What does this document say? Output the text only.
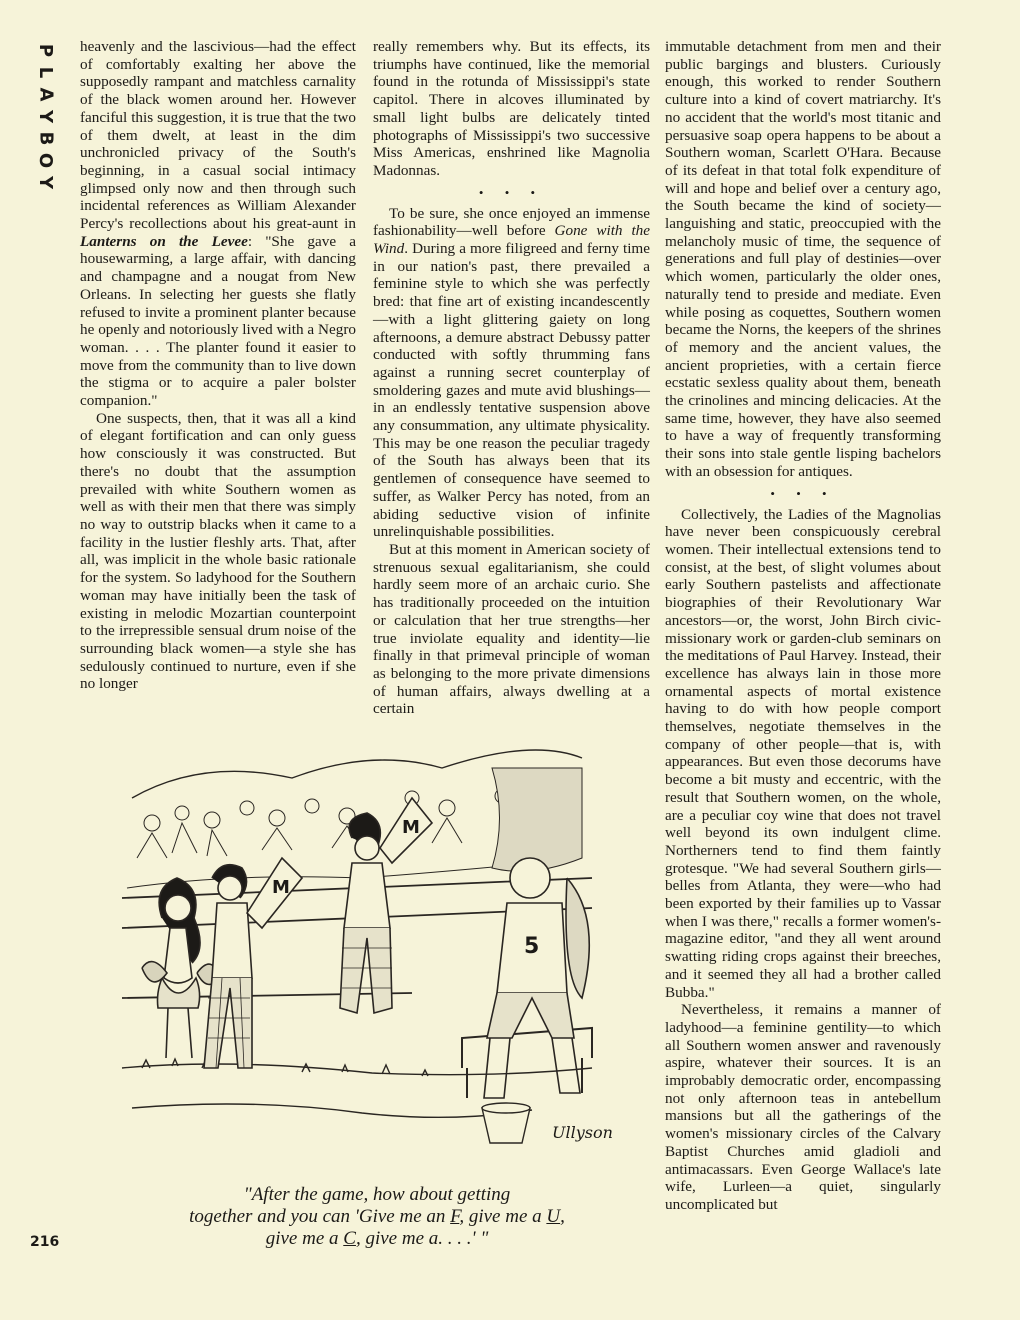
P
L
A
Y
B
O
Y

heavenly and the lascivious—had the effect of comfortably exalting her above the supposedly rampant and matchless carnality of the black women around her. However fanciful this suggestion, it is true that the two of them dwelt, at least in the dim unchronicled privacy of the South's beginning, in a casual social intimacy glimpsed only now and then through such incidental references as William Alexander Percy's recollections about his great-aunt in Lanterns on the Levee: "She gave a housewarming, a large affair, with dancing and champagne and a nougat from New Orleans. In selecting her guests she flatly refused to invite a prominent planter because he openly and notoriously lived with a Negro woman. . . . The planter found it easier to move from the community than to live down the stigma or to acquire a paler bolster companion."

One suspects, then, that it was all a kind of elegant fortification and can only guess how consciously it was constructed. But there's no doubt that the assumption prevailed with white Southern women as well as with their men that there was simply no way to outstrip blacks when it came to a facility in the lustier fleshly arts. That, after all, was implicit in the whole basic rationale for the system. So ladyhood for the Southern woman may have initially been the task of existing in melodic Mozartian counterpoint to the irrepressible sensual drum noise of the surrounding black women—a style she has sedulously continued to nurture, even if she no longer

really remembers why. But its effects, its triumphs have continued, like the memorial found in the rotunda of Mississippi's state capitol. There in alcoves illuminated by small light bulbs are delicately tinted photographs of Mississippi's two successive Miss Americas, enshrined like Magnolia Madonnas.

• • •

To be sure, she once enjoyed an immense fashionability—well before Gone with the Wind. During a more filigreed and ferny time in our nation's past, there prevailed a feminine style to which she was perfectly bred: that fine art of existing incandescently—with a light glittering gaiety on long afternoons, a demure abstract Debussy patter conducted with softly thrumming fans against a running secret counterplay of smoldering gazes and mute avid blushings—in an endlessly tentative suspension above any consummation, any ultimate physicality. This may be one reason the peculiar tragedy of the South has always been that its gentlemen of consequence have seemed to suffer, as Walker Percy has noted, from an abiding seductive vision of infinite unrelinquishable possibilities.

But at this moment in American society of strenuous sexual egalitarianism, she could hardly seem more of an archaic curio. She has traditionally proceeded on the intuition or calculation that her true strengths—her true inviolate equality and identity—lie finally in that primeval principle of woman as belonging to the more private dimensions of human affairs, always dwelling at a certain

immutable detachment from men and their public bargings and blusters. Curiously enough, this worked to render Southern culture into a kind of covert matriarchy. It's no accident that the world's most titanic and persuasive soap opera happens to be about a Southern woman, Scarlett O'Hara. Because of its defeat in that total folk expenditure of will and hope and belief over a century ago, the South became the kind of society—languishing and static, preoccupied with the melancholy music of time, the sequence of generations and full play of destinies—over which women, particularly the older ones, naturally tend to preside and mediate. Even while posing as coquettes, Southern women became the Norns, the keepers of the shrines of memory and the ancient values, the ancient proprieties, with a certain fierce ecstatic sexless quality about them, beneath the crinolines and mincing delicacies. At the same time, however, they have also seemed to have a way of frequently transforming their sons into stale gentle lisping bachelors with an obsession for antiques.

• • •

Collectively, the Ladies of the Magnolias have never been conspicuously cerebral women. Their intellectual extensions tend to consist, at the best, of slight volumes about early Southern pastelists and affectionate biographies of their Revolutionary War ancestors—or, the worst, John Birch civic-missionary work or garden-club seminars on the meditations of Paul Harvey. Instead, their excellence has always lain in those more ornamental aspects of mortal existence having to do with how people comport themselves, negotiate themselves in the company of other people—that is, with appearances. But even those decorums have become a bit musty and eccentric, with the result that Southern women, on the whole, are a peculiar coy wine that does not travel well beyond its own indulgent clime. Northerners tend to find them faintly grotesque. "We had several Southern girls—belles from Atlanta, they were—who had been exported by their families up to Vassar when I was there," recalls a former women's-magazine editor, "and they all went around swatting riding crops against their breeches, and it seemed they all had a brother called Bubba."

Nevertheless, it remains a manner of ladyhood—a feminine gentility—to which all Southern women answer and ravenously aspire, whatever their sources. It is an improbably democratic order, encompassing not only afternoon teas in antebellum mansions but all the gatherings of the women's missionary circles of the Calvary Baptist Churches amid gladioli and antimacassars. Even George Wallace's late wife, Lurleen—a quiet, singularly uncomplicated but

M
M
5
Ullyson
"After the game, how about getting
together and you can 'Give me an F, give me a U,
give me a C, give me a. . . .' "
216
